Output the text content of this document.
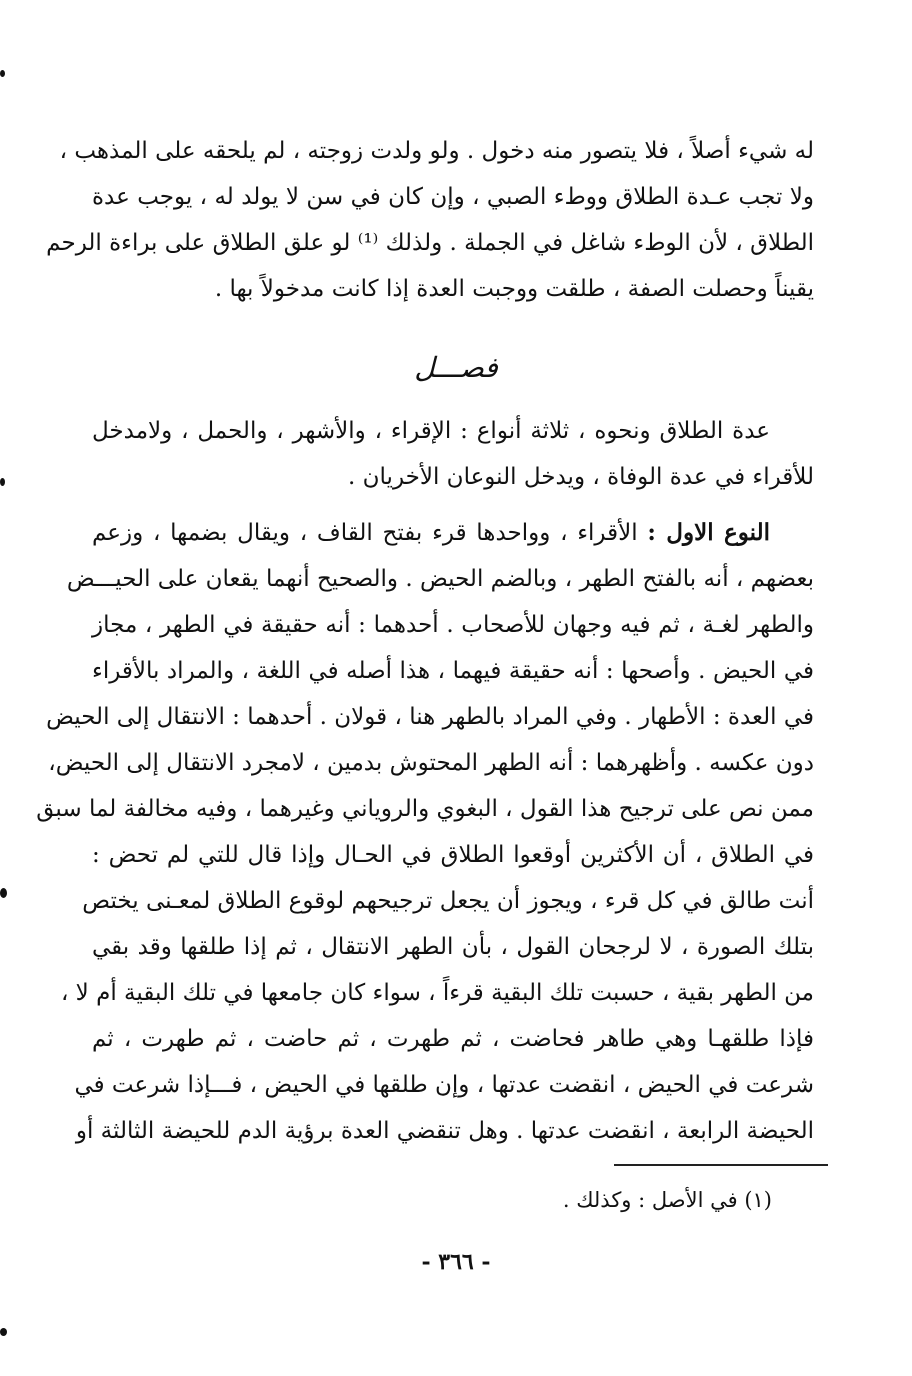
له شيء أصلاً ، فلا يتصور منه دخول . ولو ولدت زوجته ، لم يلحقه على المذهب ،
ولا تجب عـدة الطلاق ووطء الصبي ، وإن كان في سن لا يولد له ، يوجب عدة
الطلاق ، لأن الوطء شاغل في الجملة . ولذلك ⁽¹⁾ لو علق الطلاق على براءة الرحم
يقيناً وحصلت الصفة ، طلقت ووجبت العدة إذا كانت مدخولاً بها .
فصـــل
عدة الطلاق ونحوه ، ثلاثة أنواع : الإقراء ، والأشهر ، والحمل ، ولامدخل
للأقراء في عدة الوفاة ، ويدخل النوعان الأخريان .
النوع الاول : الأقراء ، وواحدها قرء بفتح القاف ، ويقال بضمها ، وزعم
بعضهم ، أنه بالفتح الطهر ، وبالضم الحيض . والصحيح أنهما يقعان على الحيـــض
والطهر لغـة ، ثم فيه وجهان للأصحاب . أحدهما : أنه حقيقة في الطهر ، مجاز
في الحيض . وأصحها : أنه حقيقة فيهما ، هذا أصله في اللغة ، والمراد بالأقراء
في العدة : الأطهار . وفي المراد بالطهر هنا ، قولان . أحدهما : الانتقال إلى الحيض
دون عكسه . وأظهرهما : أنه الطهر المحتوش بدمين ، لامجرد الانتقال إلى الحيض،
ممن نص على ترجيح هذا القول ، البغوي والروياني وغيرهما ، وفيه مخالفة لما سبق
في الطلاق ، أن الأكثرين أوقعوا الطلاق في الحـال وإذا قال للتي لم تحض :
أنت طالق في كل قرء ، ويجوز أن يجعل ترجيحهم لوقوع الطلاق لمعـنى يختص
بتلك الصورة ، لا لرجحان القول ، بأن الطهر الانتقال ، ثم إذا طلقها وقد بقي
من الطهر بقية ، حسبت تلك البقية قرءاً ، سواء كان جامعها في تلك البقية أم لا ،
فإذا طلقهـا وهي طاهر فحاضت ، ثم طهرت ، ثم حاضت ، ثم طهرت ، ثم
شرعت في الحيض ، انقضت عدتها ، وإن طلقها في الحيض ، فـــإذا شرعت في
الحيضة الرابعة ، انقضت عدتها . وهل تنقضي العدة برؤية الدم للحيضة الثالثة أو
(١) في الأصل : وكذلك .
- ٣٦٦ -
